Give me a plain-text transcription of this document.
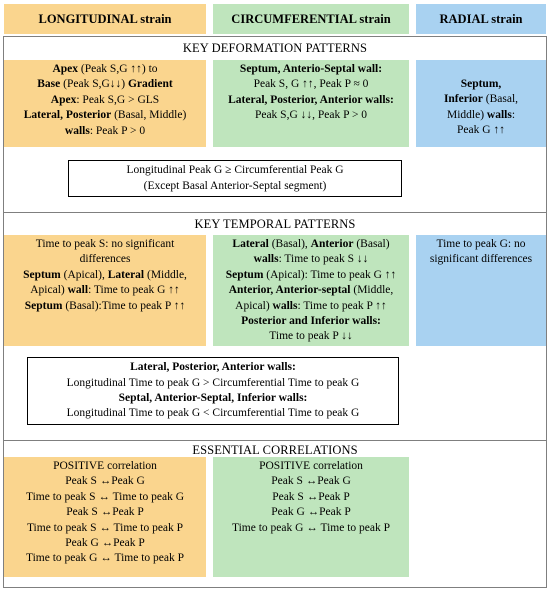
LONGITUDINAL strain	CIRCUMFERENTIAL strain	RADIAL strain
KEY DEFORMATION PATTERNS
Apex (Peak S,G ↑↑) to
Base (Peak S,G↓↓) Gradient
Apex: Peak S,G > GLS
Lateral, Posterior (Basal, Middle)
walls: Peak P > 0
Septum, Anterio-Septal wall:
Peak S, G ↑↑, Peak P ≈ 0
Lateral, Posterior, Anterior walls:
Peak S,G ↓↓, Peak P > 0
Septum,
Inferior (Basal,
Middle) walls:
Peak G ↑↑
Longitudinal Peak G ≥ Circumferential Peak G
(Except Basal Anterior-Septal segment)
KEY TEMPORAL PATTERNS
Time to peak S: no significant
differences
Septum (Apical), Lateral (Middle,
Apical) wall: Time to peak G ↑↑
Septum (Basal):Time to peak P ↑↑
Lateral (Basal), Anterior (Basal)
walls: Time to peak S ↓↓
Septum (Apical): Time to peak G ↑↑
Anterior, Anterior-septal (Middle,
Apical) walls: Time to peak P ↑↑
Posterior and Inferior walls:
Time to peak P ↓↓
Time to peak G: no
significant differences
Lateral, Posterior, Anterior walls:
Longitudinal Time to peak G > Circumferential Time to peak G
Septal, Anterior-Septal, Inferior walls:
Longitudinal Time to peak G < Circumferential Time to peak G
ESSENTIAL CORRELATIONS
POSITIVE correlation
Peak S ↔Peak G
Time to peak S ↔ Time to peak G
Peak S ↔Peak P
Time to peak S ↔ Time to peak P
Peak G ↔Peak P
Time to peak G ↔ Time to peak P
POSITIVE correlation
Peak S ↔Peak G
Peak S ↔Peak P
Peak G ↔Peak P
Time to peak G ↔ Time to peak P
